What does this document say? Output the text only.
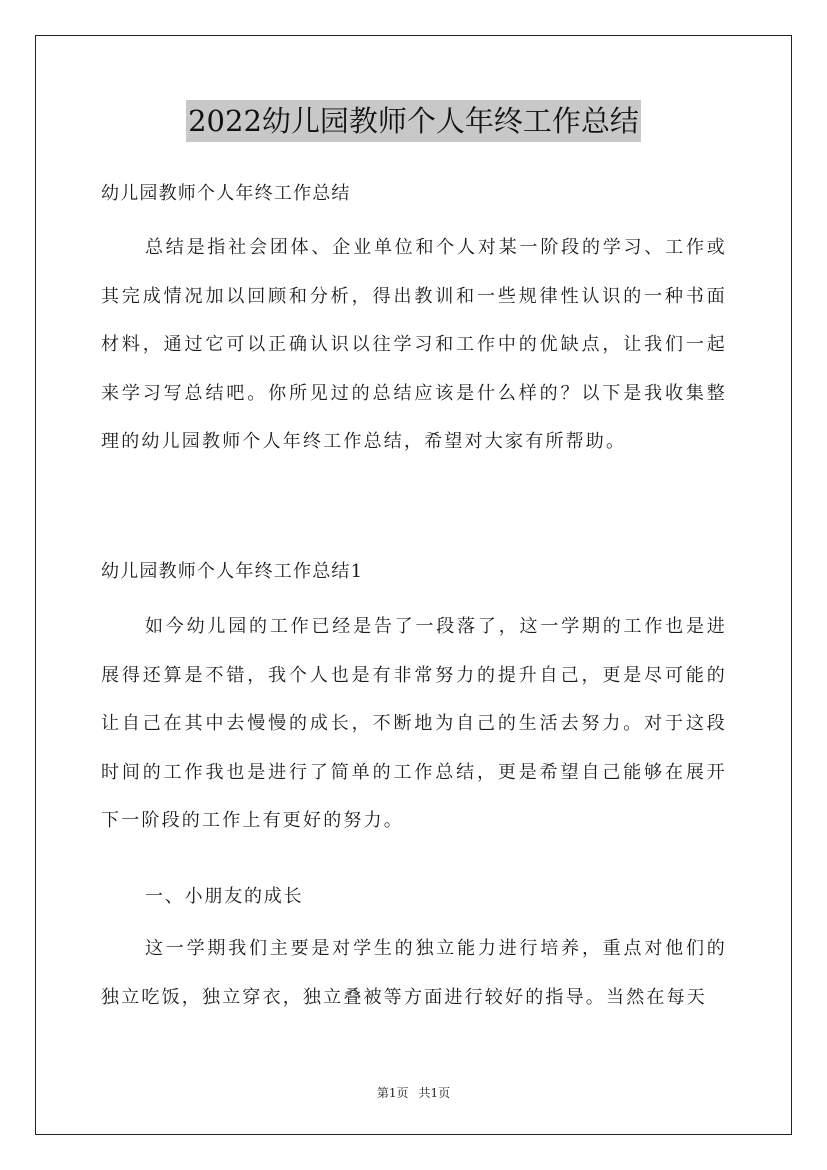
2022幼儿园教师个人年终工作总结
幼儿园教师个人年终工作总结

总结是指社会团体、企业单位和个人对某一阶段的学习、工作或其完成情况加以回顾和分析，得出教训和一些规律性认识的一种书面材料，通过它可以正确认识以往学习和工作中的优缺点，让我们一起来学习写总结吧。你所见过的总结应该是什么样的？以下是我收集整理的幼儿园教师个人年终工作总结，希望对大家有所帮助。

幼儿园教师个人年终工作总结1

如今幼儿园的工作已经是告了一段落了，这一学期的工作也是进展得还算是不错，我个人也是有非常努力的提升自己，更是尽可能的让自己在其中去慢慢的成长，不断地为自己的生活去努力。对于这段时间的工作我也是进行了简单的工作总结，更是希望自己能够在展开下一阶段的工作上有更好的努力。

一、小朋友的成长

这一学期我们主要是对学生的独立能力进行培养，重点对他们的独立吃饭，独立穿衣，独立叠被等方面进行较好的指导。当然在每天

第1页 共1页
